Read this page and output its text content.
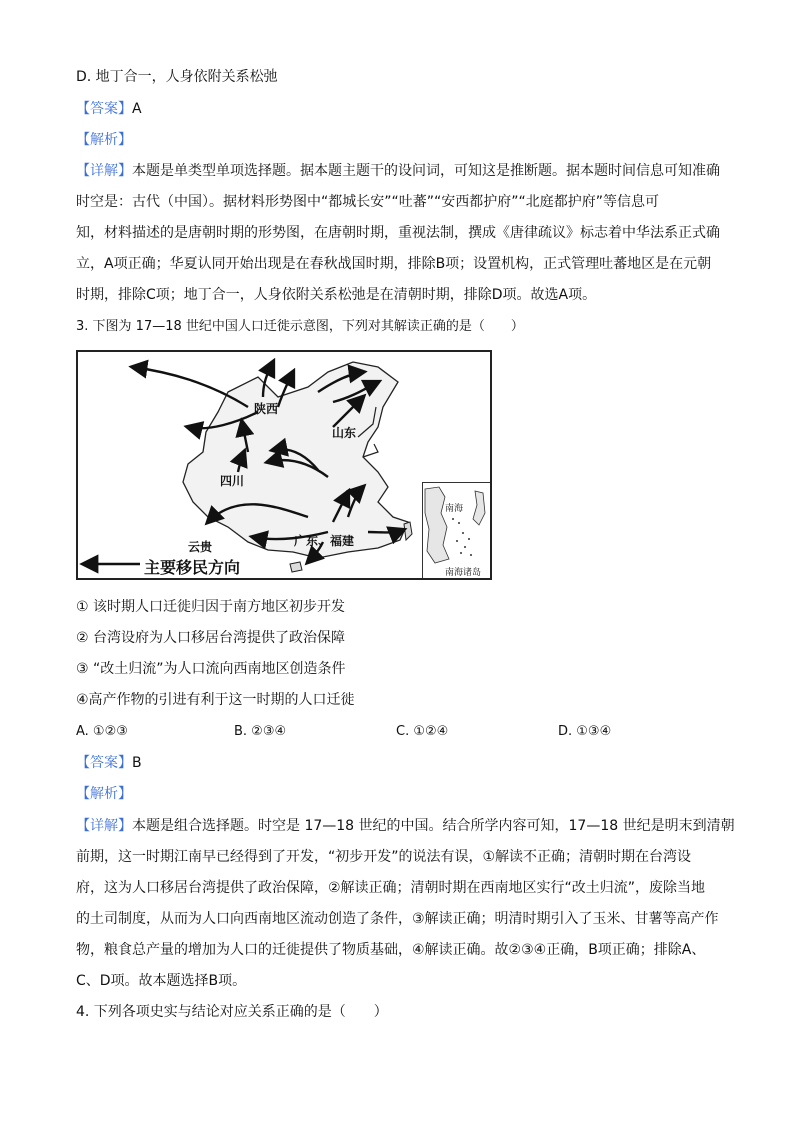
D. 地丁合一，人身依附关系松弛
【答案】A
【解析】
【详解】本题是单类型单项选择题。据本题主题干的设问词，可知这是推断题。据本题时间信息可知准确
时空是：古代（中国）。据材料形势图中“都城长安”“吐蕃”“安西都护府”“北庭都护府”等信息可
知，材料描述的是唐朝时期的形势图，在唐朝时期，重视法制，撰成《唐律疏议》标志着中华法系正式确
立，A项正确；华夏认同开始出现是在春秋战国时期，排除B项；设置机构，正式管理吐蕃地区是在元朝
时期，排除C项；地丁合一，人身依附关系松弛是在清朝时期，排除D项。故选A项。
3. 下图为 17—18 世纪中国人口迁徙示意图，下列对其解读正确的是（　　）
陕西
山东
四川
云贵	广东、福建
主要移民方向
南海
南海诸岛
① 该时期人口迁徙归因于南方地区初步开发
② 台湾设府为人口移居台湾提供了政治保障
③ “改土归流”为人口流向西南地区创造条件
④高产作物的引进有利于这一时期的人口迁徙
A. ①②③	B. ②③④	C. ①②④	D. ①③④
【答案】B
【解析】
【详解】本题是组合选择题。时空是 17—18 世纪的中国。结合所学内容可知，17—18 世纪是明末到清朝
前期，这一时期江南早已经得到了开发，“初步开发”的说法有误，①解读不正确；清朝时期在台湾设
府，这为人口移居台湾提供了政治保障，②解读正确；清朝时期在西南地区实行“改土归流”，废除当地
的土司制度，从而为人口向西南地区流动创造了条件，③解读正确；明清时期引入了玉米、甘薯等高产作
物，粮食总产量的增加为人口的迁徙提供了物质基础，④解读正确。故②③④正确，B项正确；排除A、
C、D项。故本题选择B项。
4. 下列各项史实与结论对应关系正确的是（　　）
